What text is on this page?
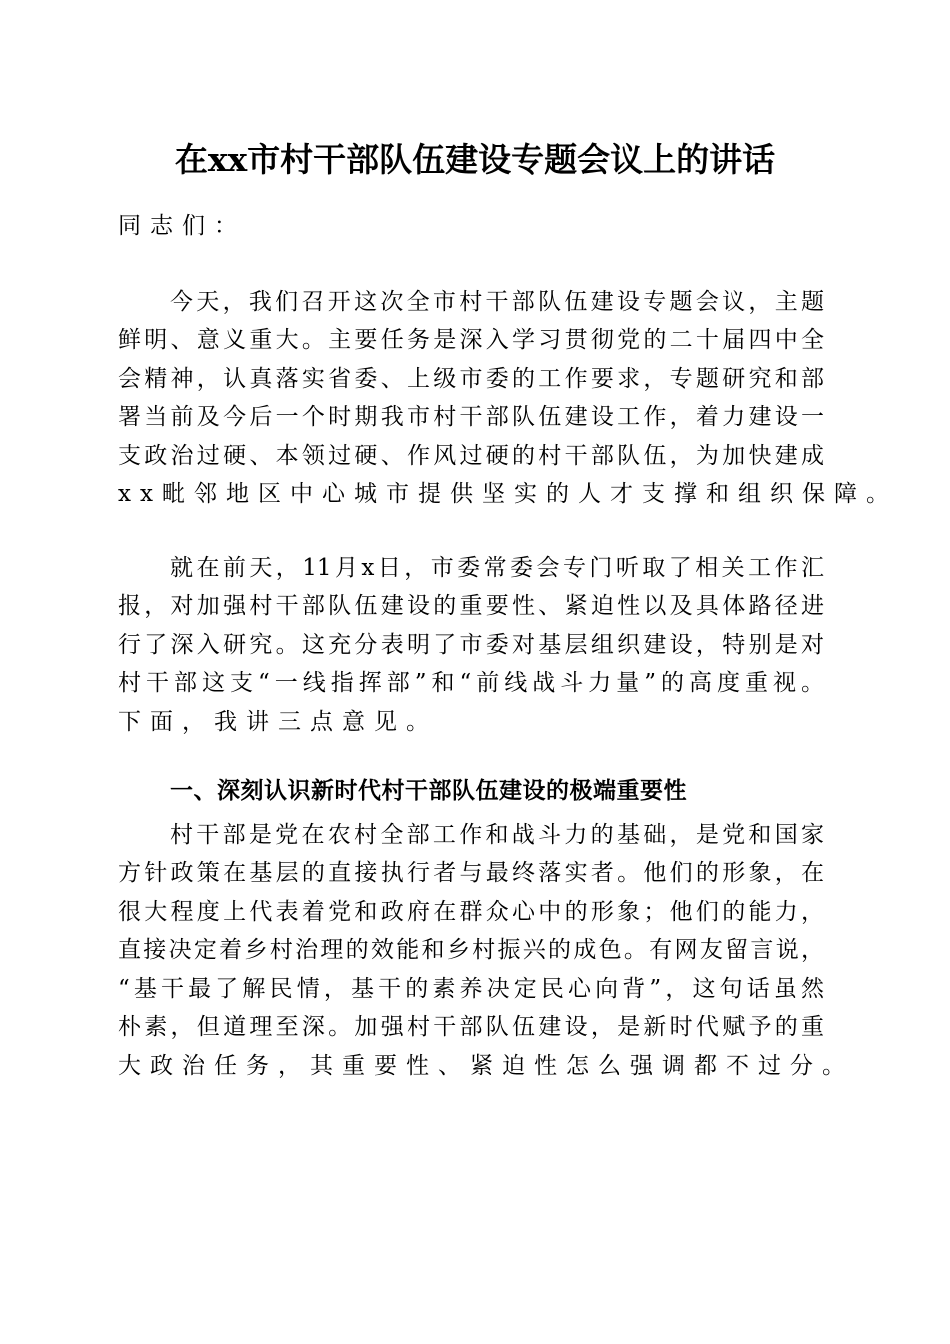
在xx市村干部队伍建设专题会议上的讲话
同志们：
今天，我们召开这次全市村干部队伍建设专题会议，主题
鲜明、意义重大。主要任务是深入学习贯彻党的二十届四中全
会精神，认真落实省委、上级市委的工作要求，专题研究和部
署当前及今后一个时期我市村干部队伍建设工作，着力建设一
支政治过硬、本领过硬、作风过硬的村干部队伍，为加快建成
xx毗邻地区中心城市提供坚实的人才支撑和组织保障。
就在前天，11月x日，市委常委会专门听取了相关工作汇
报，对加强村干部队伍建设的重要性、紧迫性以及具体路径进
行了深入研究。这充分表明了市委对基层组织建设，特别是对
村干部这支“一线指挥部”和“前线战斗力量”的高度重视。
下面，我讲三点意见。
一、深刻认识新时代村干部队伍建设的极端重要性
村干部是党在农村全部工作和战斗力的基础，是党和国家
方针政策在基层的直接执行者与最终落实者。他们的形象，在
很大程度上代表着党和政府在群众心中的形象；他们的能力，
直接决定着乡村治理的效能和乡村振兴的成色。有网友留言说，
“基干最了解民情，基干的素养决定民心向背”，这句话虽然
朴素，但道理至深。加强村干部队伍建设，是新时代赋予的重
大政治任务，其重要性、紧迫性怎么强调都不过分。
